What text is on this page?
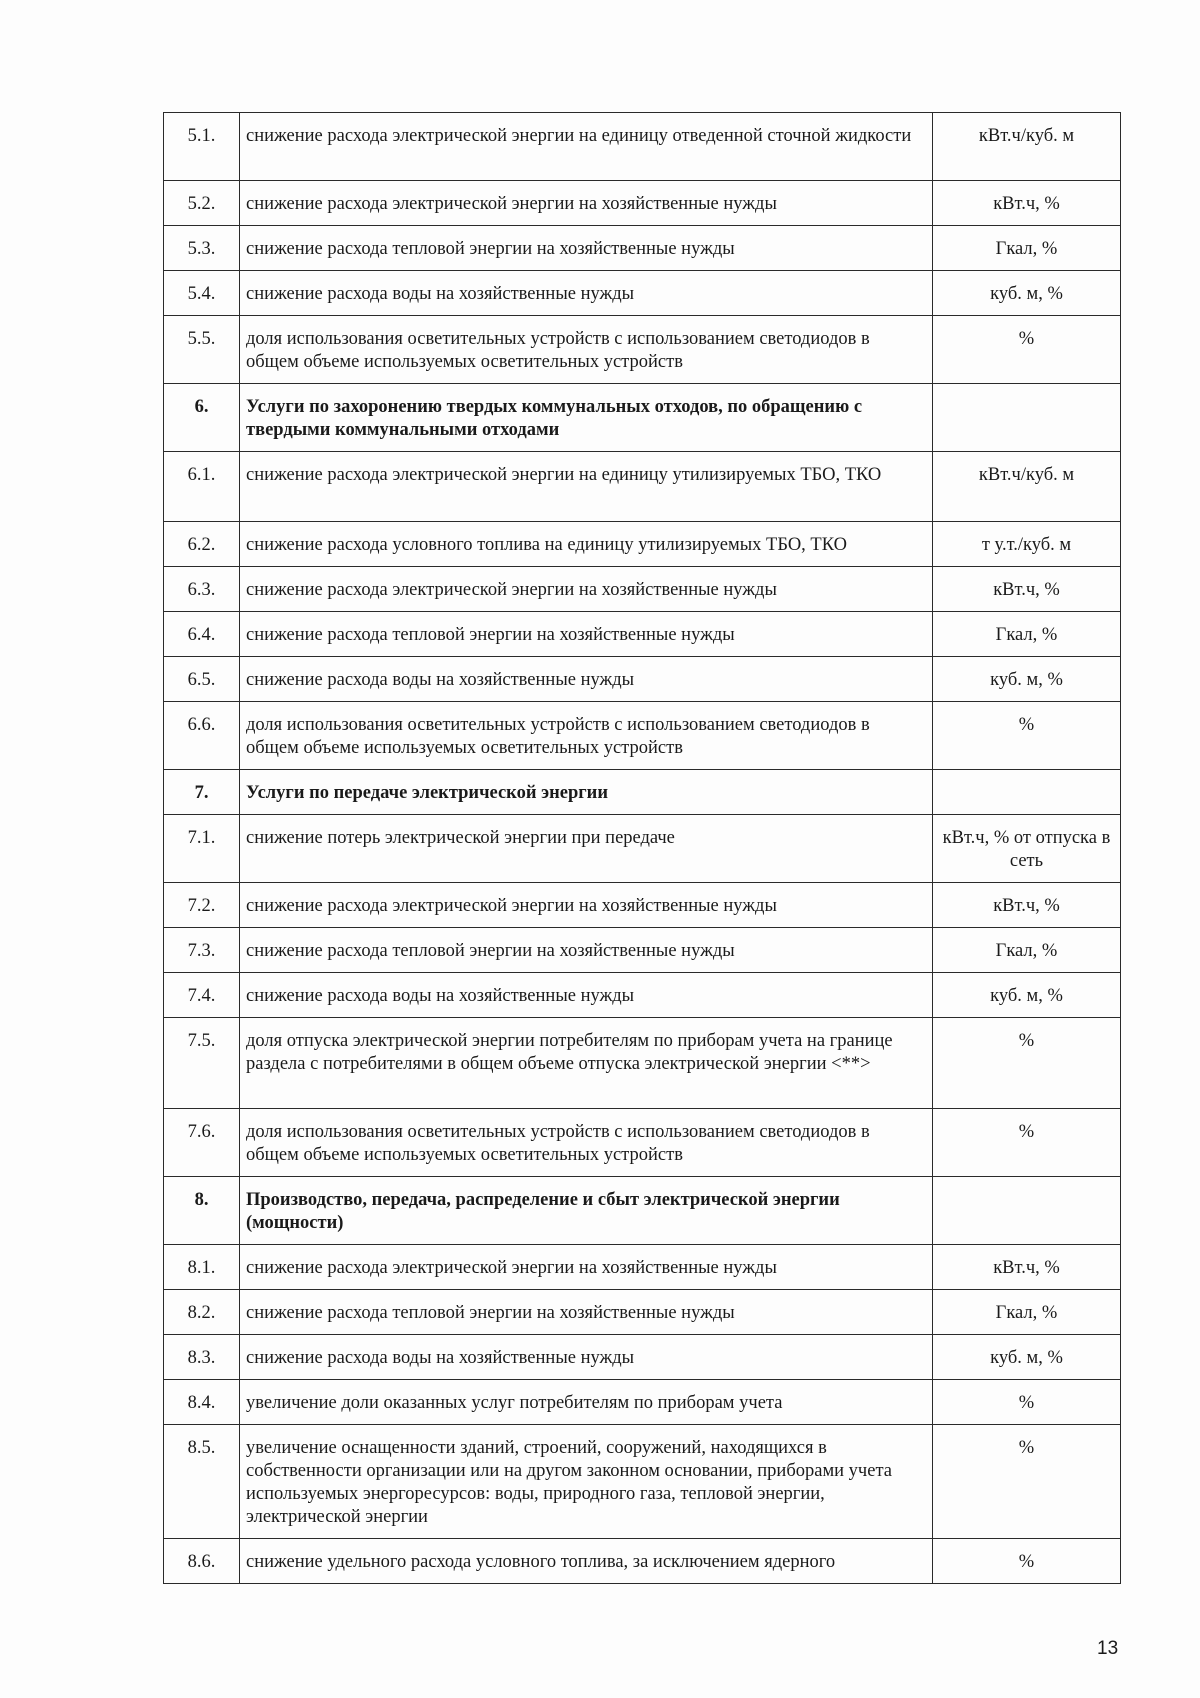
5.1.	снижение расхода электрической энергии на единицу отведенной сточной жидкости	кВт.ч/куб. м
5.2.	снижение расхода электрической энергии на хозяйственные нужды	кВт.ч, %
5.3.	снижение расхода тепловой энергии на хозяйственные нужды	Гкал, %
5.4.	снижение расхода воды на хозяйственные нужды	куб. м, %
5.5.	доля использования осветительных устройств с использованием светодиодов в общем объеме используемых осветительных устройств	%
6.	Услуги по захоронению твердых коммунальных отходов, по обращению с твердыми коммунальными отходами	
6.1.	снижение расхода электрической энергии на единицу утилизируемых ТБО, ТКО	кВт.ч/куб. м
6.2.	снижение расхода условного топлива на единицу утилизируемых ТБО, ТКО	т у.т./куб. м
6.3.	снижение расхода электрической энергии на хозяйственные нужды	кВт.ч, %
6.4.	снижение расхода тепловой энергии на хозяйственные нужды	Гкал, %
6.5.	снижение расхода воды на хозяйственные нужды	куб. м, %
6.6.	доля использования осветительных устройств с использованием светодиодов в общем объеме используемых осветительных устройств	%
7.	Услуги по передаче электрической энергии	
7.1.	снижение потерь электрической энергии при передаче	кВт.ч, % от отпуска в сеть
7.2.	снижение расхода электрической энергии на хозяйственные нужды	кВт.ч, %
7.3.	снижение расхода тепловой энергии на хозяйственные нужды	Гкал, %
7.4.	снижение расхода воды на хозяйственные нужды	куб. м, %
7.5.	доля отпуска электрической энергии потребителям по приборам учета на границе раздела с потребителями в общем объеме отпуска электрической энергии <**>	%
7.6.	доля использования осветительных устройств с использованием светодиодов в общем объеме используемых осветительных устройств	%
8.	Производство, передача, распределение и сбыт электрической энергии (мощности)	
8.1.	снижение расхода электрической энергии на хозяйственные нужды	кВт.ч, %
8.2.	снижение расхода тепловой энергии на хозяйственные нужды	Гкал, %
8.3.	снижение расхода воды на хозяйственные нужды	куб. м, %
8.4.	увеличение доли оказанных услуг потребителям по приборам учета	%
8.5.	увеличение оснащенности зданий, строений, сооружений, находящихся в собственности организации или на другом законном основании, приборами учета используемых энергоресурсов: воды, природного газа, тепловой энергии, электрической энергии	%
8.6.	снижение удельного расхода условного топлива, за исключением ядерного	%
13
